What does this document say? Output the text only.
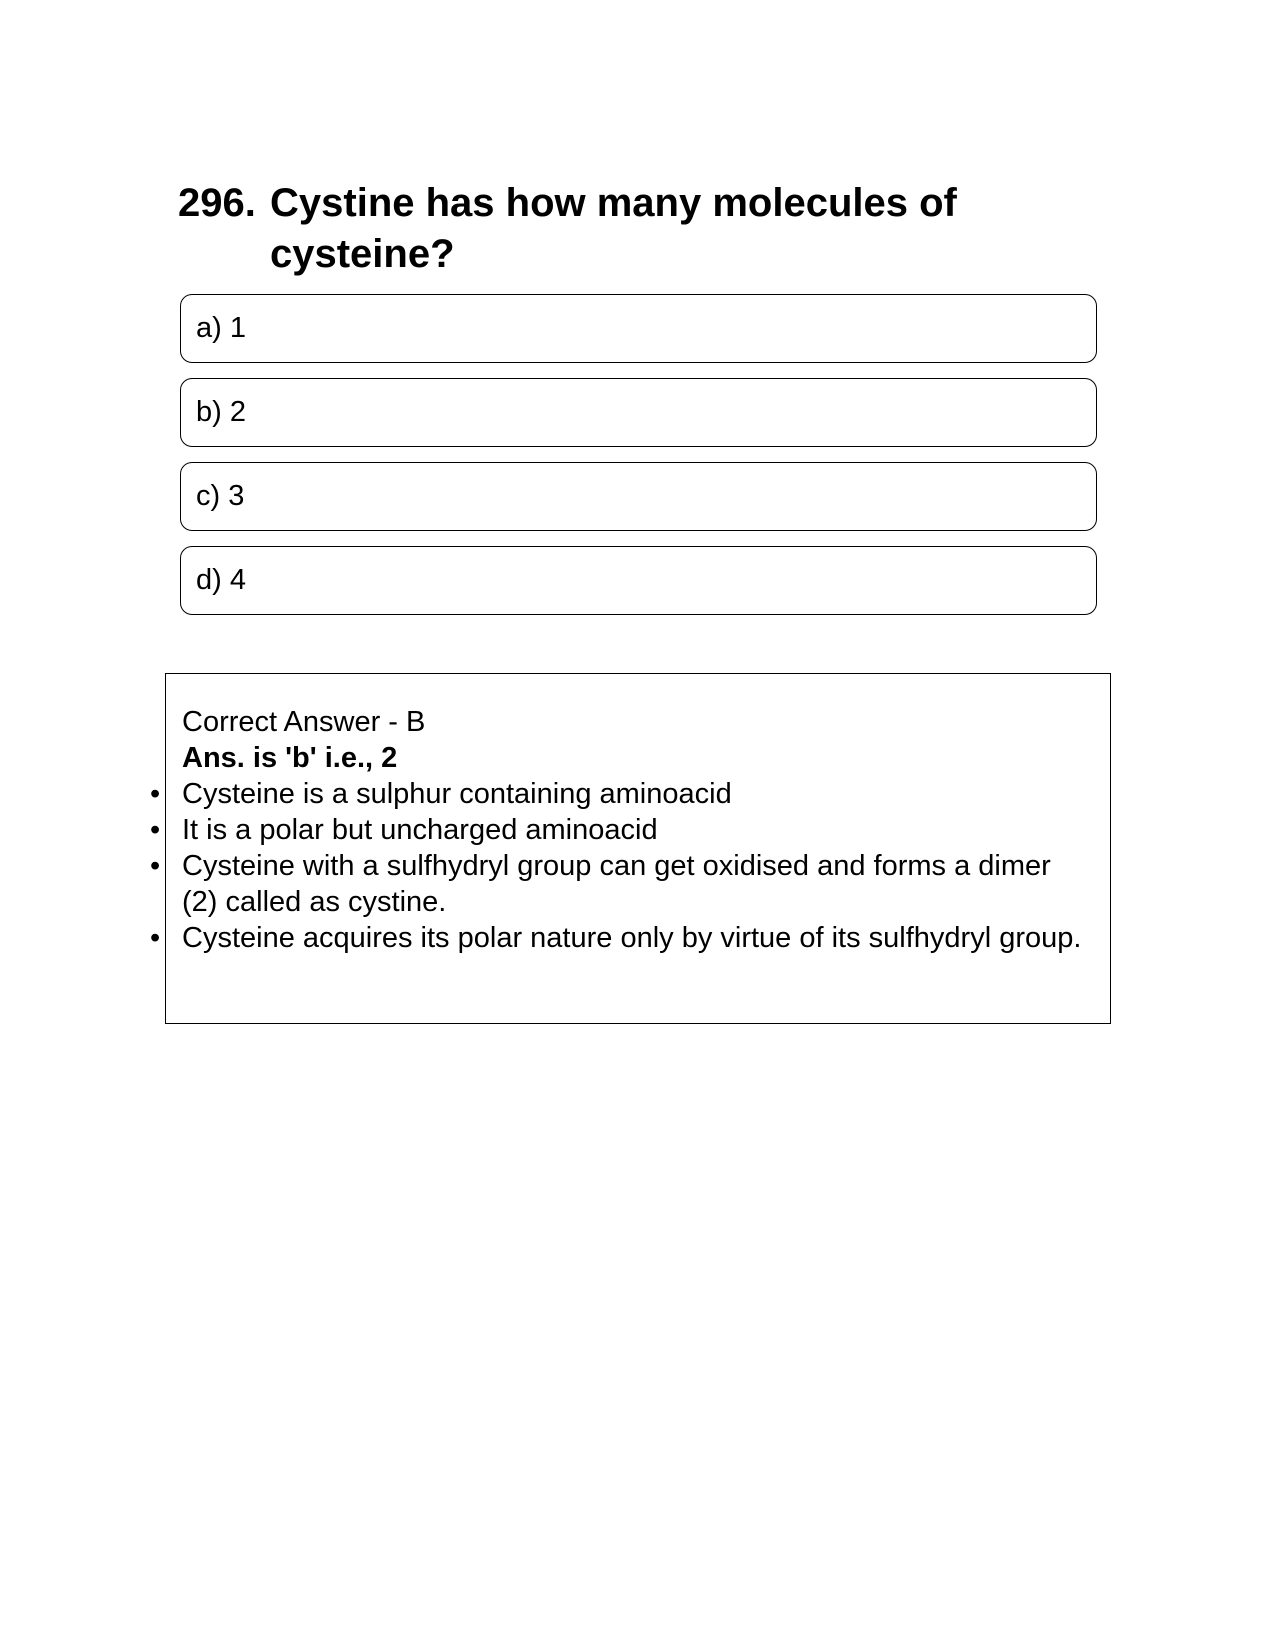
296. Cystine has how many molecules of cysteine?
a) 1
b) 2
c) 3
d) 4
Correct Answer - B
Ans. is 'b' i.e., 2
• Cysteine is a sulphur containing aminoacid
• It is a polar but uncharged aminoacid
• Cysteine with a sulfhydryl group can get oxidised and forms a dimer (2) called as cystine.
• Cysteine acquires its polar nature only by virtue of its sulfhydryl group.
